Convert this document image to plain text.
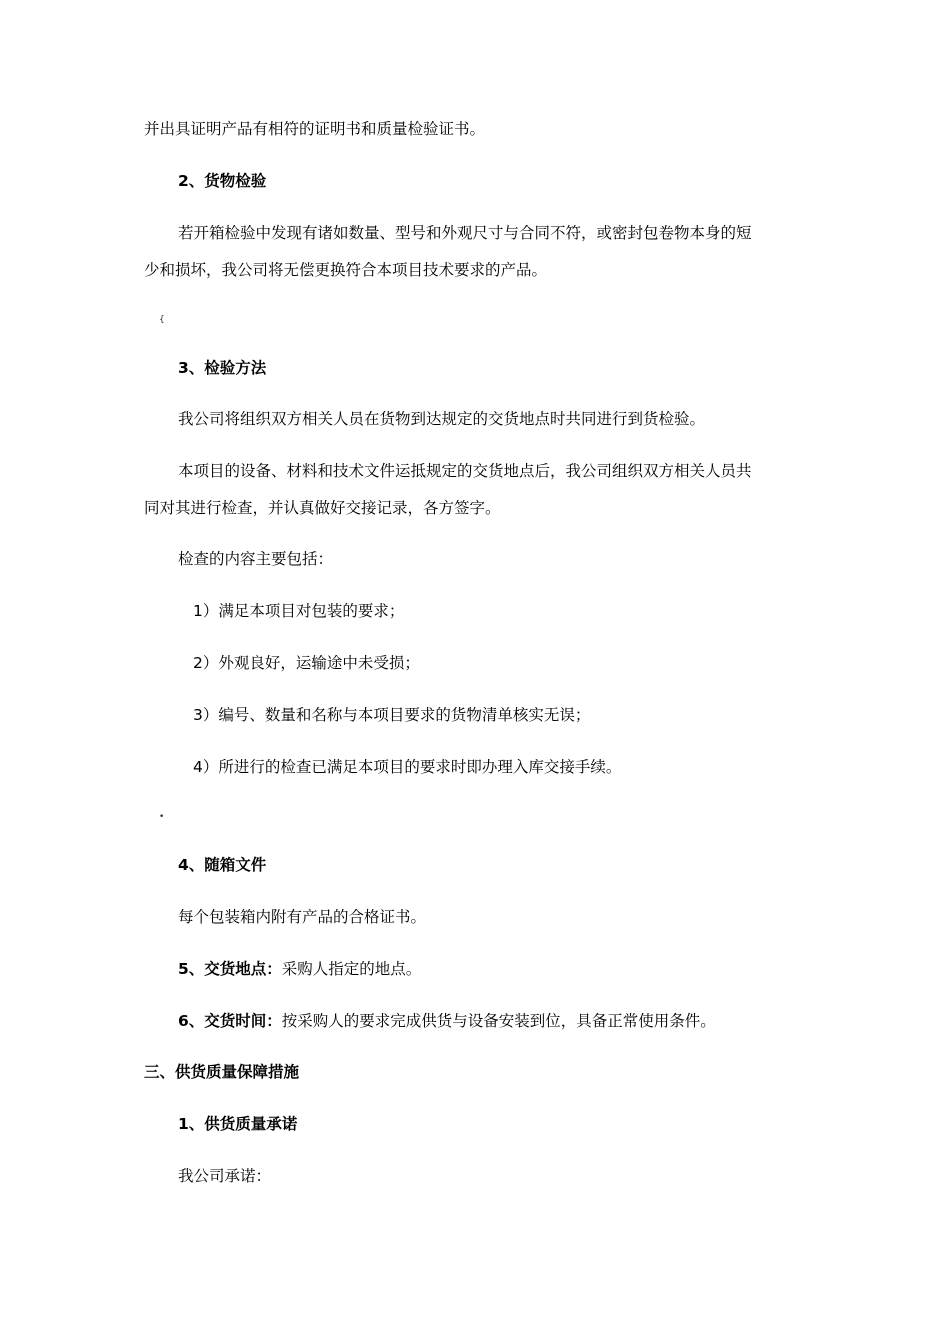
并出具证明产品有相符的证明书和质量检验证书。
2、货物检验
若开箱检验中发现有诸如数量、型号和外观尺寸与合同不符，或密封包卷物本身的短
少和损坏，我公司将无偿更换符合本项目技术要求的产品。
{
3、检验方法
我公司将组织双方相关人员在货物到达规定的交货地点时共同进行到货检验。
本项目的设备、材料和技术文件运抵规定的交货地点后，我公司组织双方相关人员共
同对其进行检查，并认真做好交接记录，各方签字。
检查的内容主要包括：
1）满足本项目对包装的要求；
2）外观良好，运输途中未受损；
3）编号、数量和名称与本项目要求的货物清单核实无误；
4）所进行的检查已满足本项目的要求时即办理入库交接手续。
•
4、随箱文件
每个包装箱内附有产品的合格证书。
5、交货地点：采购人指定的地点。
6、交货时间：按采购人的要求完成供货与设备安装到位，具备正常使用条件。
三、供货质量保障措施
1、供货质量承诺
我公司承诺：
